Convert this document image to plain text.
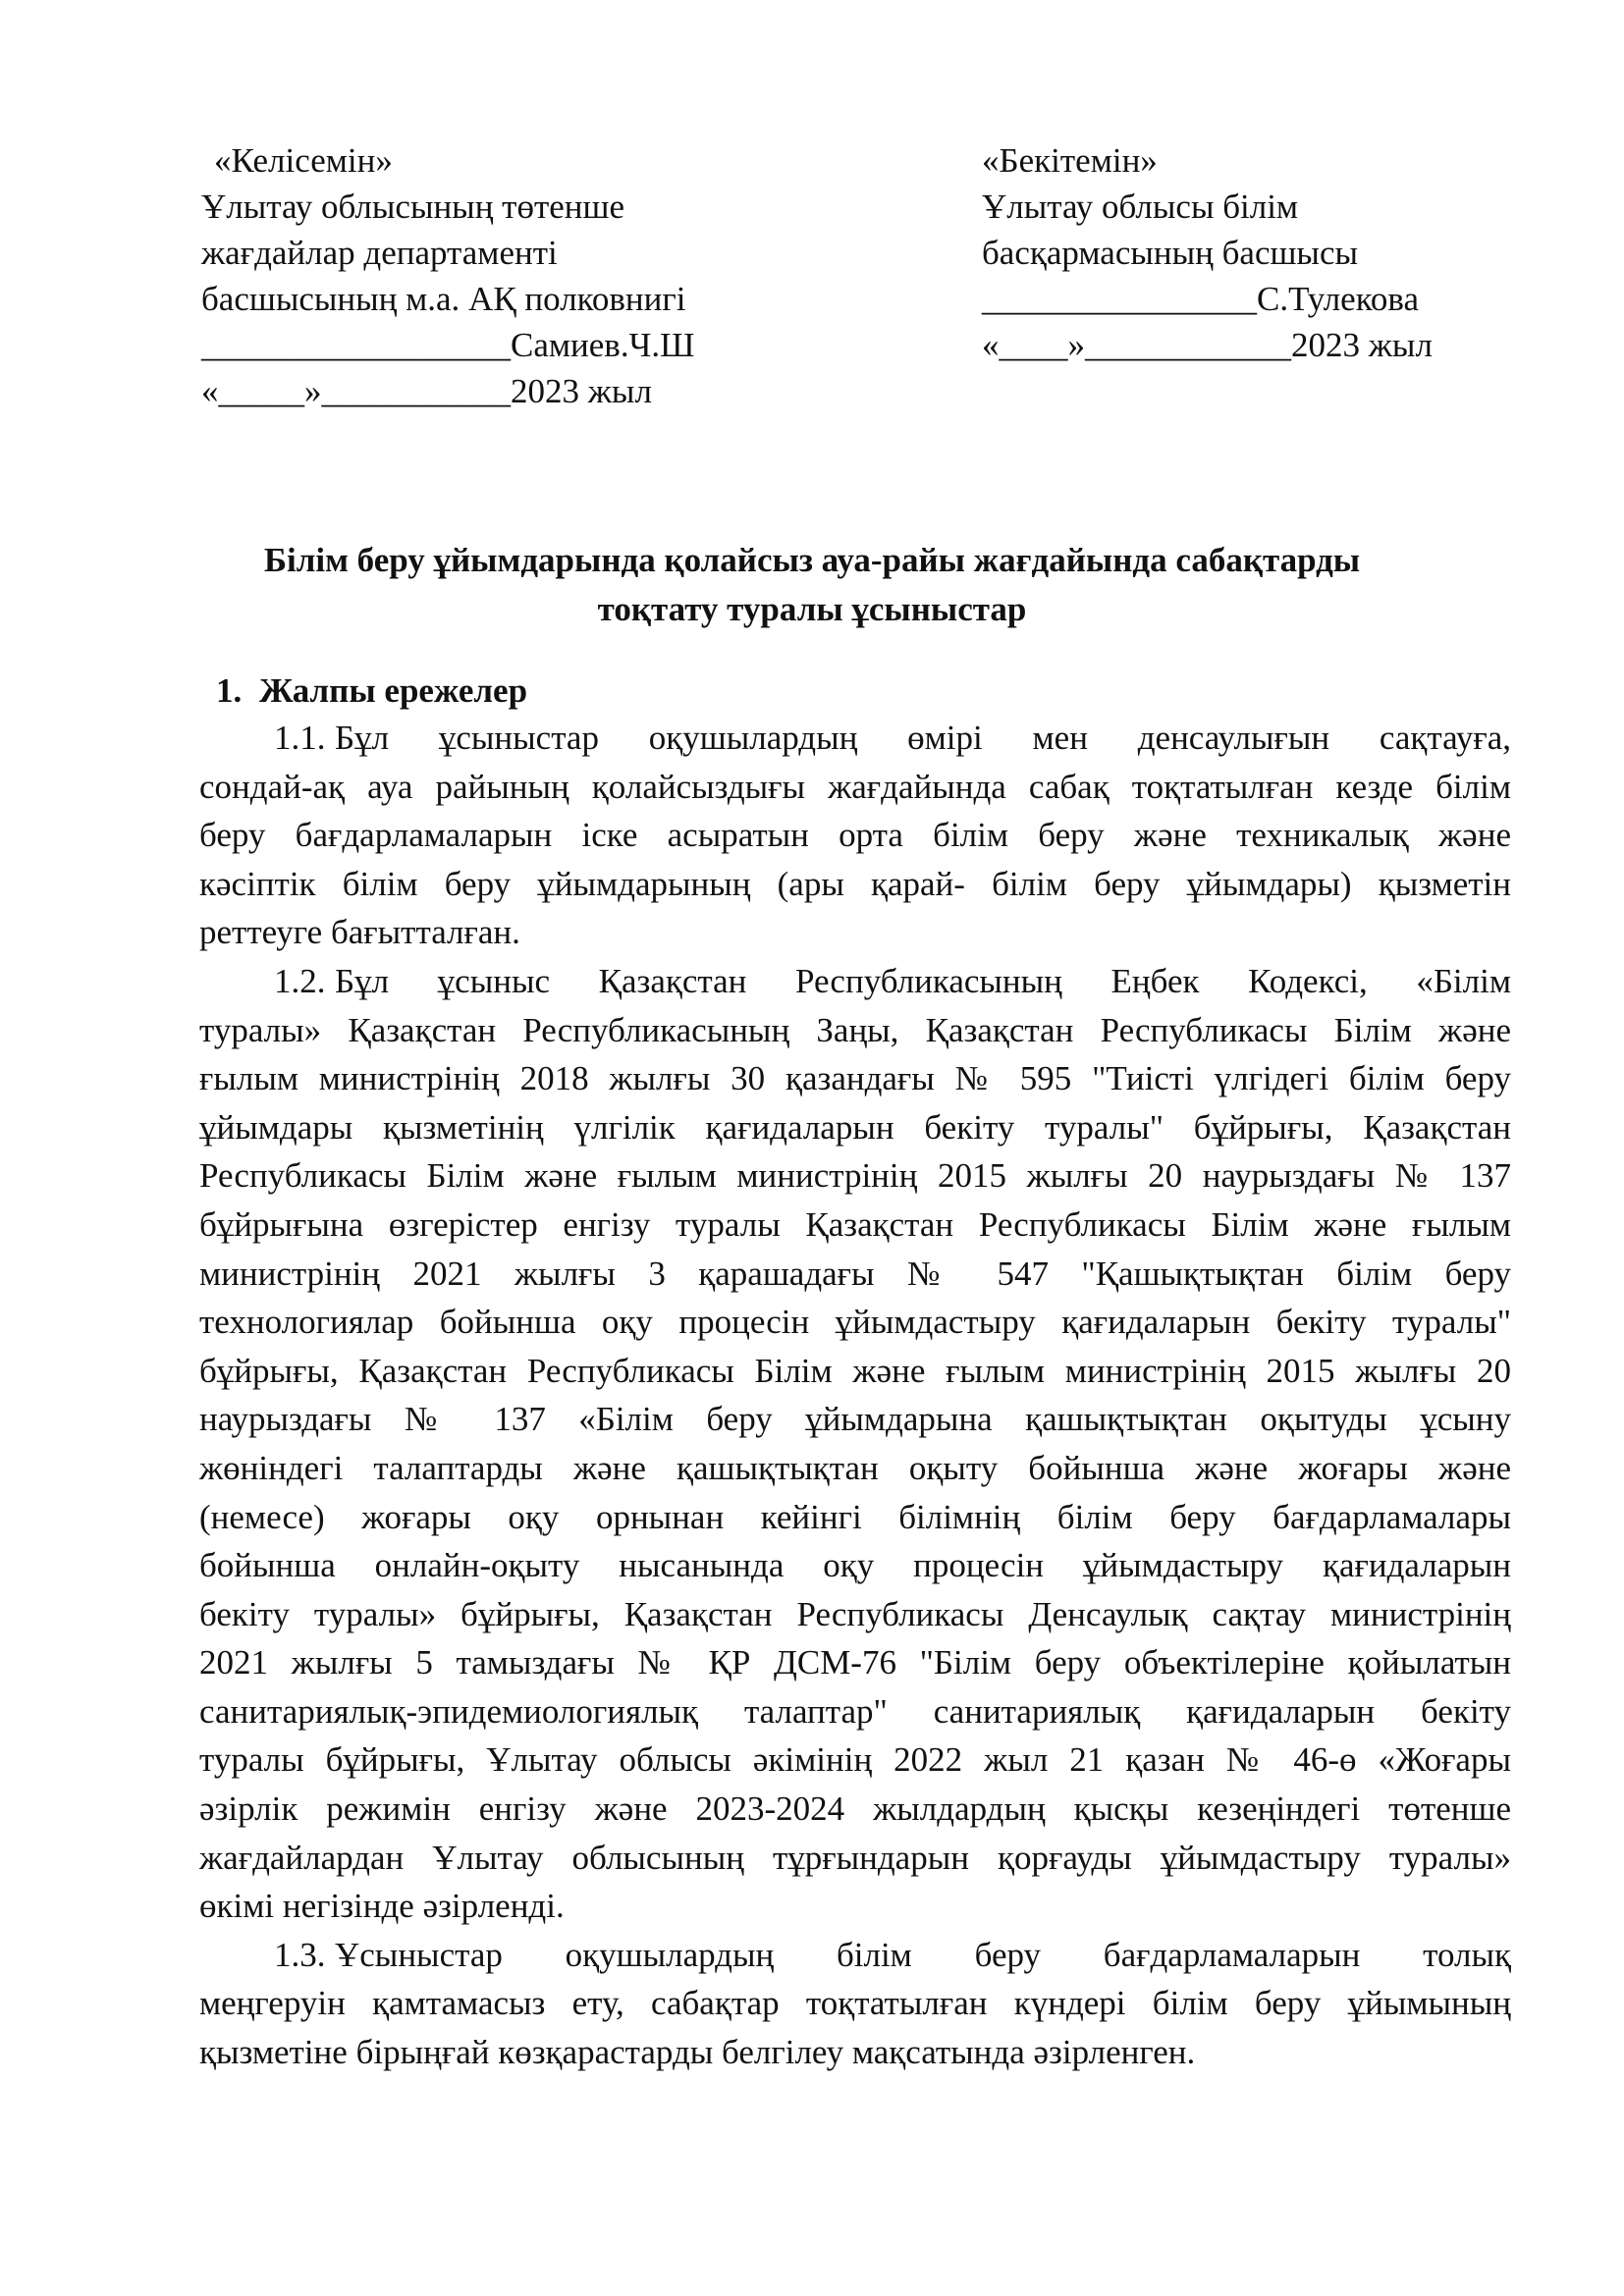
«Келісемін»
Ұлытау облысының төтенше
жағдайлар департаменті
басшысының м.а. АҚ полковнигі
__________________Самиев.Ч.Ш
«_____»___________2023 жыл
«Бекітемін»
Ұлытау облысы білім
басқармасының басшысы
________________С.Тулекова
«____»____________2023 жыл
Білім беру ұйымдарында қолайсыз ауа-райы жағдайында сабақтарды
тоқтату туралы ұсыныстар
1. Жалпы ережелер
1.1. Бұл ұсыныстар оқушылардың өмірі мен денсаулығын сақтауға,
сондай-ақ ауа райының қолайсыздығы жағдайында сабақ тоқтатылған кезде білім
беру бағдарламаларын іске асыратын орта білім беру және техникалық және
кәсіптік білім беру ұйымдарының (ары қарай- білім беру ұйымдары) қызметін
реттеуге бағытталған.
1.2. Бұл ұсыныс Қазақстан Республикасының Еңбек Кодексі, «Білім
туралы» Қазақстан Республикасының Заңы, Қазақстан Республикасы Білім және
ғылым министрінің 2018 жылғы 30 қазандағы № 595 "Тиісті үлгідегі білім беру
ұйымдары қызметінің үлгілік қағидаларын бекіту туралы" бұйрығы, Қазақстан
Республикасы Білім және ғылым министрінің 2015 жылғы 20 наурыздағы № 137
бұйрығына өзгерістер енгізу туралы Қазақстан Республикасы Білім және ғылым
министрінің 2021 жылғы 3 қарашадағы № 547 "Қашықтықтан білім беру
технологиялар бойынша оқу процесін ұйымдастыру қағидаларын бекіту туралы"
бұйрығы, Қазақстан Республикасы Білім және ғылым министрінің 2015 жылғы 20
наурыздағы № 137 «Білім беру ұйымдарына қашықтықтан оқытуды ұсыну
жөніндегі талаптарды және қашықтықтан оқыту бойынша және жоғары және
(немесе) жоғары оқу орнынан кейінгі білімнің білім беру бағдарламалары
бойынша онлайн-оқыту нысанында оқу процесін ұйымдастыру қағидаларын
бекіту туралы» бұйрығы, Қазақстан Республикасы Денсаулық сақтау министрінің
2021 жылғы 5 тамыздағы № ҚР ДСМ-76 "Білім беру объектілеріне қойылатын
санитариялық-эпидемиологиялық талаптар" санитариялық қағидаларын бекіту
туралы бұйрығы, Ұлытау облысы әкімінің 2022 жыл 21 қазан № 46-ө «Жоғары
әзірлік режимін енгізу және 2023-2024 жылдардың қысқы кезеңіндегі төтенше
жағдайлардан Ұлытау облысының тұрғындарын қорғауды ұйымдастыру туралы»
өкімі негізінде әзірленді.
1.3. Ұсыныстар оқушылардың білім беру бағдарламаларын толық
меңгеруін қамтамасыз ету, сабақтар тоқтатылған күндері білім беру ұйымының
қызметіне бірыңғай көзқарастарды белгілеу мақсатында әзірленген.
